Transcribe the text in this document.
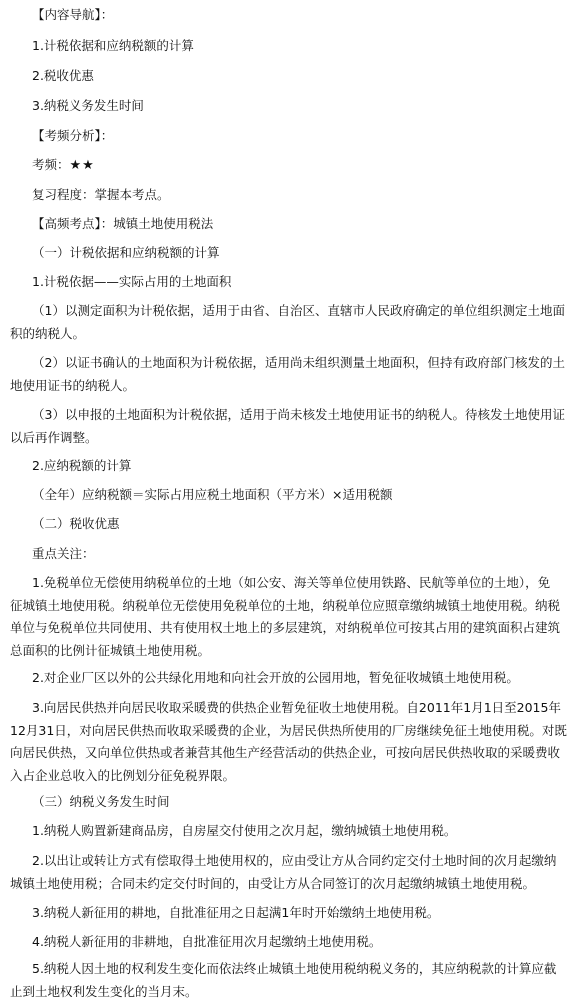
【内容导航】：
1.计税依据和应纳税额的计算
2.税收优惠
3.纳税义务发生时间
【考频分析】：
考频：★★
复习程度：掌握本考点。
【高频考点】：城镇土地使用税法
（一）计税依据和应纳税额的计算
1.计税依据——实际占用的土地面积
（1）以测定面积为计税依据，适用于由省、自治区、直辖市人民政府确定的单位组织测定土地面
积的纳税人。
（2）以证书确认的土地面积为计税依据，适用尚未组织测量土地面积，但持有政府部门核发的土
地使用证书的纳税人。
（3）以申报的土地面积为计税依据，适用于尚未核发土地使用证书的纳税人。待核发土地使用证
以后再作调整。
2.应纳税额的计算
（全年）应纳税额＝实际占用应税土地面积（平方米）×适用税额
（二）税收优惠
重点关注：
1.免税单位无偿使用纳税单位的土地（如公安、海关等单位使用铁路、民航等单位的土地），免
征城镇土地使用税。纳税单位无偿使用免税单位的土地，纳税单位应照章缴纳城镇土地使用税。纳税
单位与免税单位共同使用、共有使用权土地上的多层建筑，对纳税单位可按其占用的建筑面积占建筑
总面积的比例计征城镇土地使用税。
2.对企业厂区以外的公共绿化用地和向社会开放的公园用地，暂免征收城镇土地使用税。
3.向居民供热并向居民收取采暖费的供热企业暂免征收土地使用税。自2011年1月1日至2015年
12月31日，对向居民供热而收取采暖费的企业，为居民供热所使用的厂房继续免征土地使用税。对既
向居民供热，又向单位供热或者兼营其他生产经营活动的供热企业，可按向居民供热收取的采暖费收
入占企业总收入的比例划分征免税界限。
（三）纳税义务发生时间
1.纳税人购置新建商品房，自房屋交付使用之次月起，缴纳城镇土地使用税。
2.以出让或转让方式有偿取得土地使用权的，应由受让方从合同约定交付土地时间的次月起缴纳
城镇土地使用税；合同未约定交付时间的，由受让方从合同签订的次月起缴纳城镇土地使用税。
3.纳税人新征用的耕地，自批准征用之日起满1年时开始缴纳土地使用税。
4.纳税人新征用的非耕地，自批准征用次月起缴纳土地使用税。
5.纳税人因土地的权利发生变化而依法终止城镇土地使用税纳税义务的，其应纳税款的计算应截
止到土地权利发生变化的当月末。
